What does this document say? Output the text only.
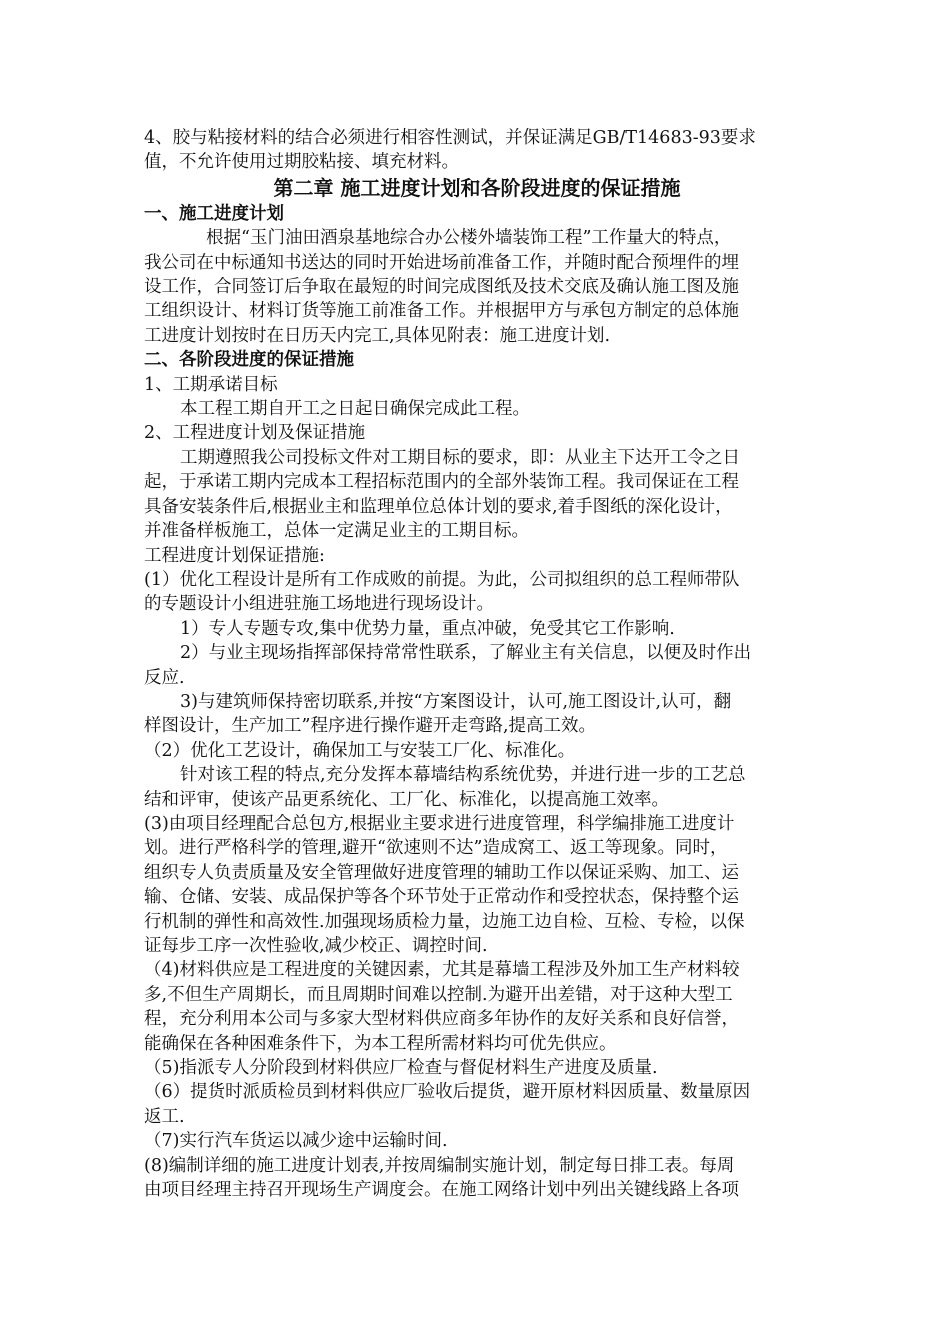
4、胶与粘接材料的结合必须进行相容性测试，并保证满足GB/T14683-93要求
值，不允许使用过期胶粘接、填充材料。
第二章 施工进度计划和各阶段进度的保证措施
一、施工进度计划
根据“玉门油田酒泉基地综合办公楼外墙装饰工程”工作量大的特点，
我公司在中标通知书送达的同时开始进场前准备工作，并随时配合预埋件的埋
设工作，合同签订后争取在最短的时间完成图纸及技术交底及确认施工图及施
工组织设计、材料订货等施工前准备工作。并根据甲方与承包方制定的总体施
工进度计划按时在日历天内完工,具体见附表：施工进度计划.
二、各阶段进度的保证措施
1、工期承诺目标
本工程工期自开工之日起日确保完成此工程。
2、工程进度计划及保证措施
工期遵照我公司投标文件对工期目标的要求，即：从业主下达开工令之日
起，于承诺工期内完成本工程招标范围内的全部外装饰工程。我司保证在工程
具备安装条件后,根据业主和监理单位总体计划的要求,着手图纸的深化设计，
并准备样板施工，总体一定满足业主的工期目标。
工程进度计划保证措施:
(1）优化工程设计是所有工作成败的前提。为此，公司拟组织的总工程师带队
的专题设计小组进驻施工场地进行现场设计。
1）专人专题专攻,集中优势力量，重点冲破，免受其它工作影响.
2）与业主现场指挥部保持常常性联系，了解业主有关信息，以便及时作出
反应.
3)与建筑师保持密切联系,并按“方案图设计，认可,施工图设计,认可，翻
样图设计，生产加工”程序进行操作避开走弯路,提高工效。
（2）优化工艺设计，确保加工与安装工厂化、标准化。
针对该工程的特点,充分发挥本幕墙结构系统优势，并进行进一步的工艺总
结和评审，使该产品更系统化、工厂化、标准化，以提高施工效率。
(3)由项目经理配合总包方,根据业主要求进行进度管理，科学编排施工进度计
划。进行严格科学的管理,避开“欲速则不达”造成窝工、返工等现象。同时，
组织专人负责质量及安全管理做好进度管理的辅助工作以保证采购、加工、运
输、仓储、安装、成品保护等各个环节处于正常动作和受控状态，保持整个运
行机制的弹性和高效性.加强现场质检力量，边施工边自检、互检、专检，以保
证每步工序一次性验收,减少校正、调控时间.
（4)材料供应是工程进度的关键因素，尤其是幕墙工程涉及外加工生产材料较
多,不但生产周期长，而且周期时间难以控制.为避开出差错，对于这种大型工
程，充分利用本公司与多家大型材料供应商多年协作的友好关系和良好信誉，
能确保在各种困难条件下，为本工程所需材料均可优先供应。
（5)指派专人分阶段到材料供应厂检查与督促材料生产进度及质量.
（6）提货时派质检员到材料供应厂验收后提货，避开原材料因质量、数量原因
返工.
（7)实行汽车货运以减少途中运输时间.
(8)编制详细的施工进度计划表,并按周编制实施计划，制定每日排工表。每周
由项目经理主持召开现场生产调度会。在施工网络计划中列出关键线路上各项
